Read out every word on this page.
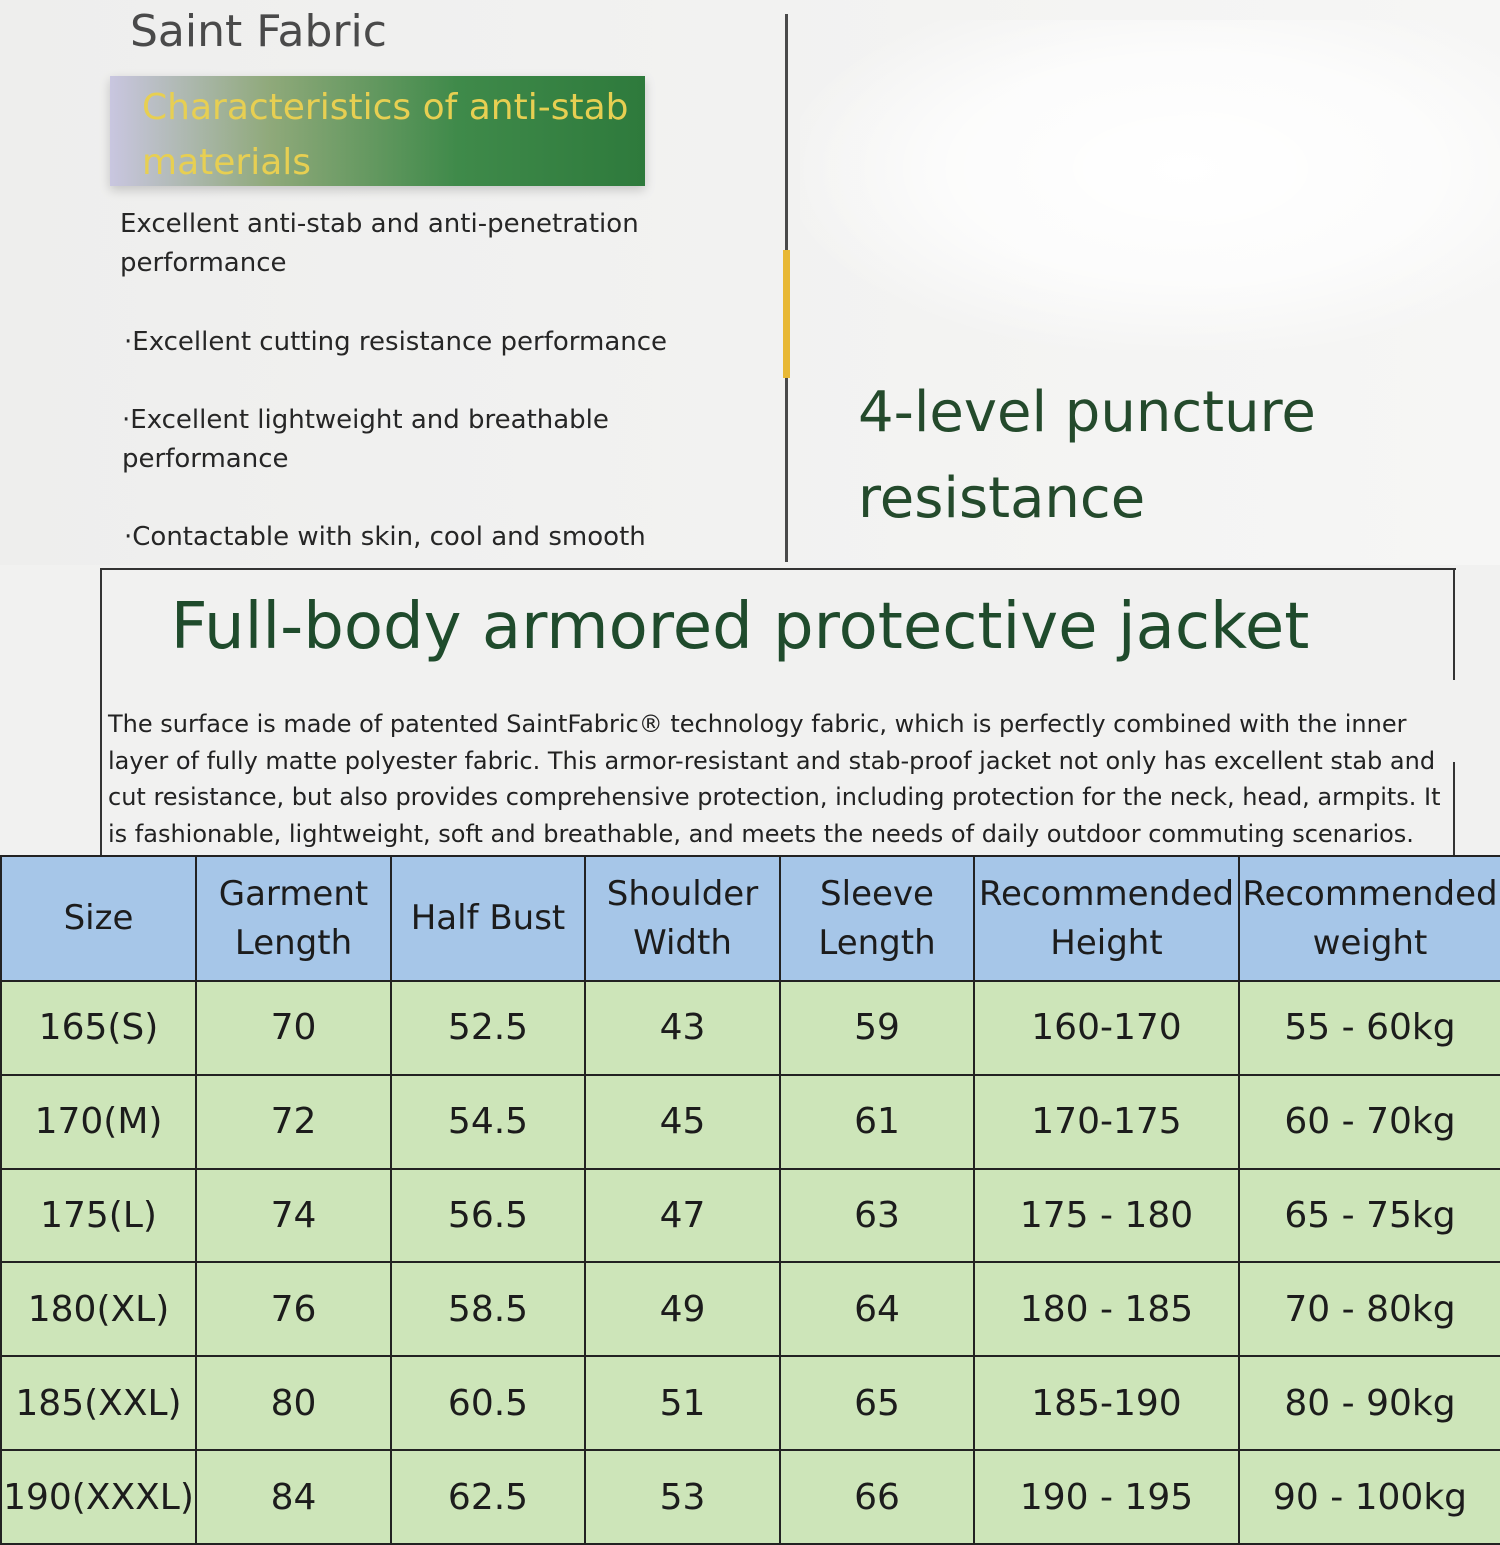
Saint Fabric
Characteristics of anti-stab materials
Excellent anti-stab and anti-penetration performance
·Excellent cutting resistance performance
·Excellent lightweight and breathable performance
·Contactable with skin, cool and smooth
4-level puncture resistance
Full-body armored protective jacket
The surface is made of patented SaintFabric® technology fabric, which is perfectly combined with the inner layer of fully matte polyester fabric. This armor-resistant and stab-proof jacket not only has excellent stab and cut resistance, but also provides comprehensive protection, including protection for the neck, head, armpits. It is fashionable, lightweight, soft and breathable, and meets the needs of daily outdoor commuting scenarios.
Size	Garment Length	Half Bust	Shoulder Width	Sleeve Length	Recommended Height	Recommended weight
165(S)	70	52.5	43	59	160-170	55 - 60kg
170(M)	72	54.5	45	61	170-175	60 - 70kg
175(L)	74	56.5	47	63	175 - 180	65 - 75kg
180(XL)	76	58.5	49	64	180 - 185	70 - 80kg
185(XXL)	80	60.5	51	65	185-190	80 - 90kg
190(XXXL)	84	62.5	53	66	190 - 195	90 - 100kg
